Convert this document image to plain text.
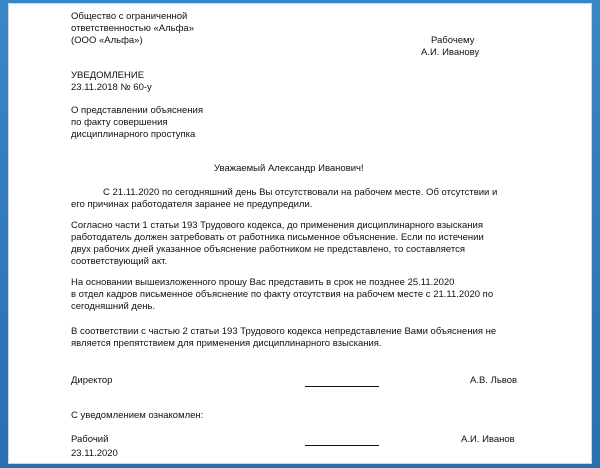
Общество с ограниченной
ответственностью «Альфа»
(ООО «Альфа»)	Рабочему
А.И. Иванову
УВЕДОМЛЕНИЕ
23.11.2018 № 60-у
О представлении объяснения
по факту совершения
дисциплинарного проступка
Уважаемый Александр Иванович!
С 21.11.2020 по сегодняшний день Вы отсутствовали на рабочем месте. Об отсутствии и
его причинах работодателя заранее не предупредили.
Согласно части 1 статьи 193 Трудового кодекса, до применения дисциплинарного взыскания
работодатель должен затребовать от работника письменное объяснение. Если по истечении
двух рабочих дней указанное объяснение работником не представлено, то составляется
соответствующий акт.
На основании вышеизложенного прошу Вас представить в срок не позднее 25.11.2020
в отдел кадров письменное объяснение по факту отсутствия на рабочем месте с 21.11.2020 по
сегодняшний день.
В соответствии с частью 2 статьи 193 Трудового кодекса непредставление Вами объяснения не
является препятствием для применения дисциплинарного взыскания.
Директор	А.В. Львов
С уведомлением ознакомлен:
Рабочий	А.И. Иванов
23.11.2020
